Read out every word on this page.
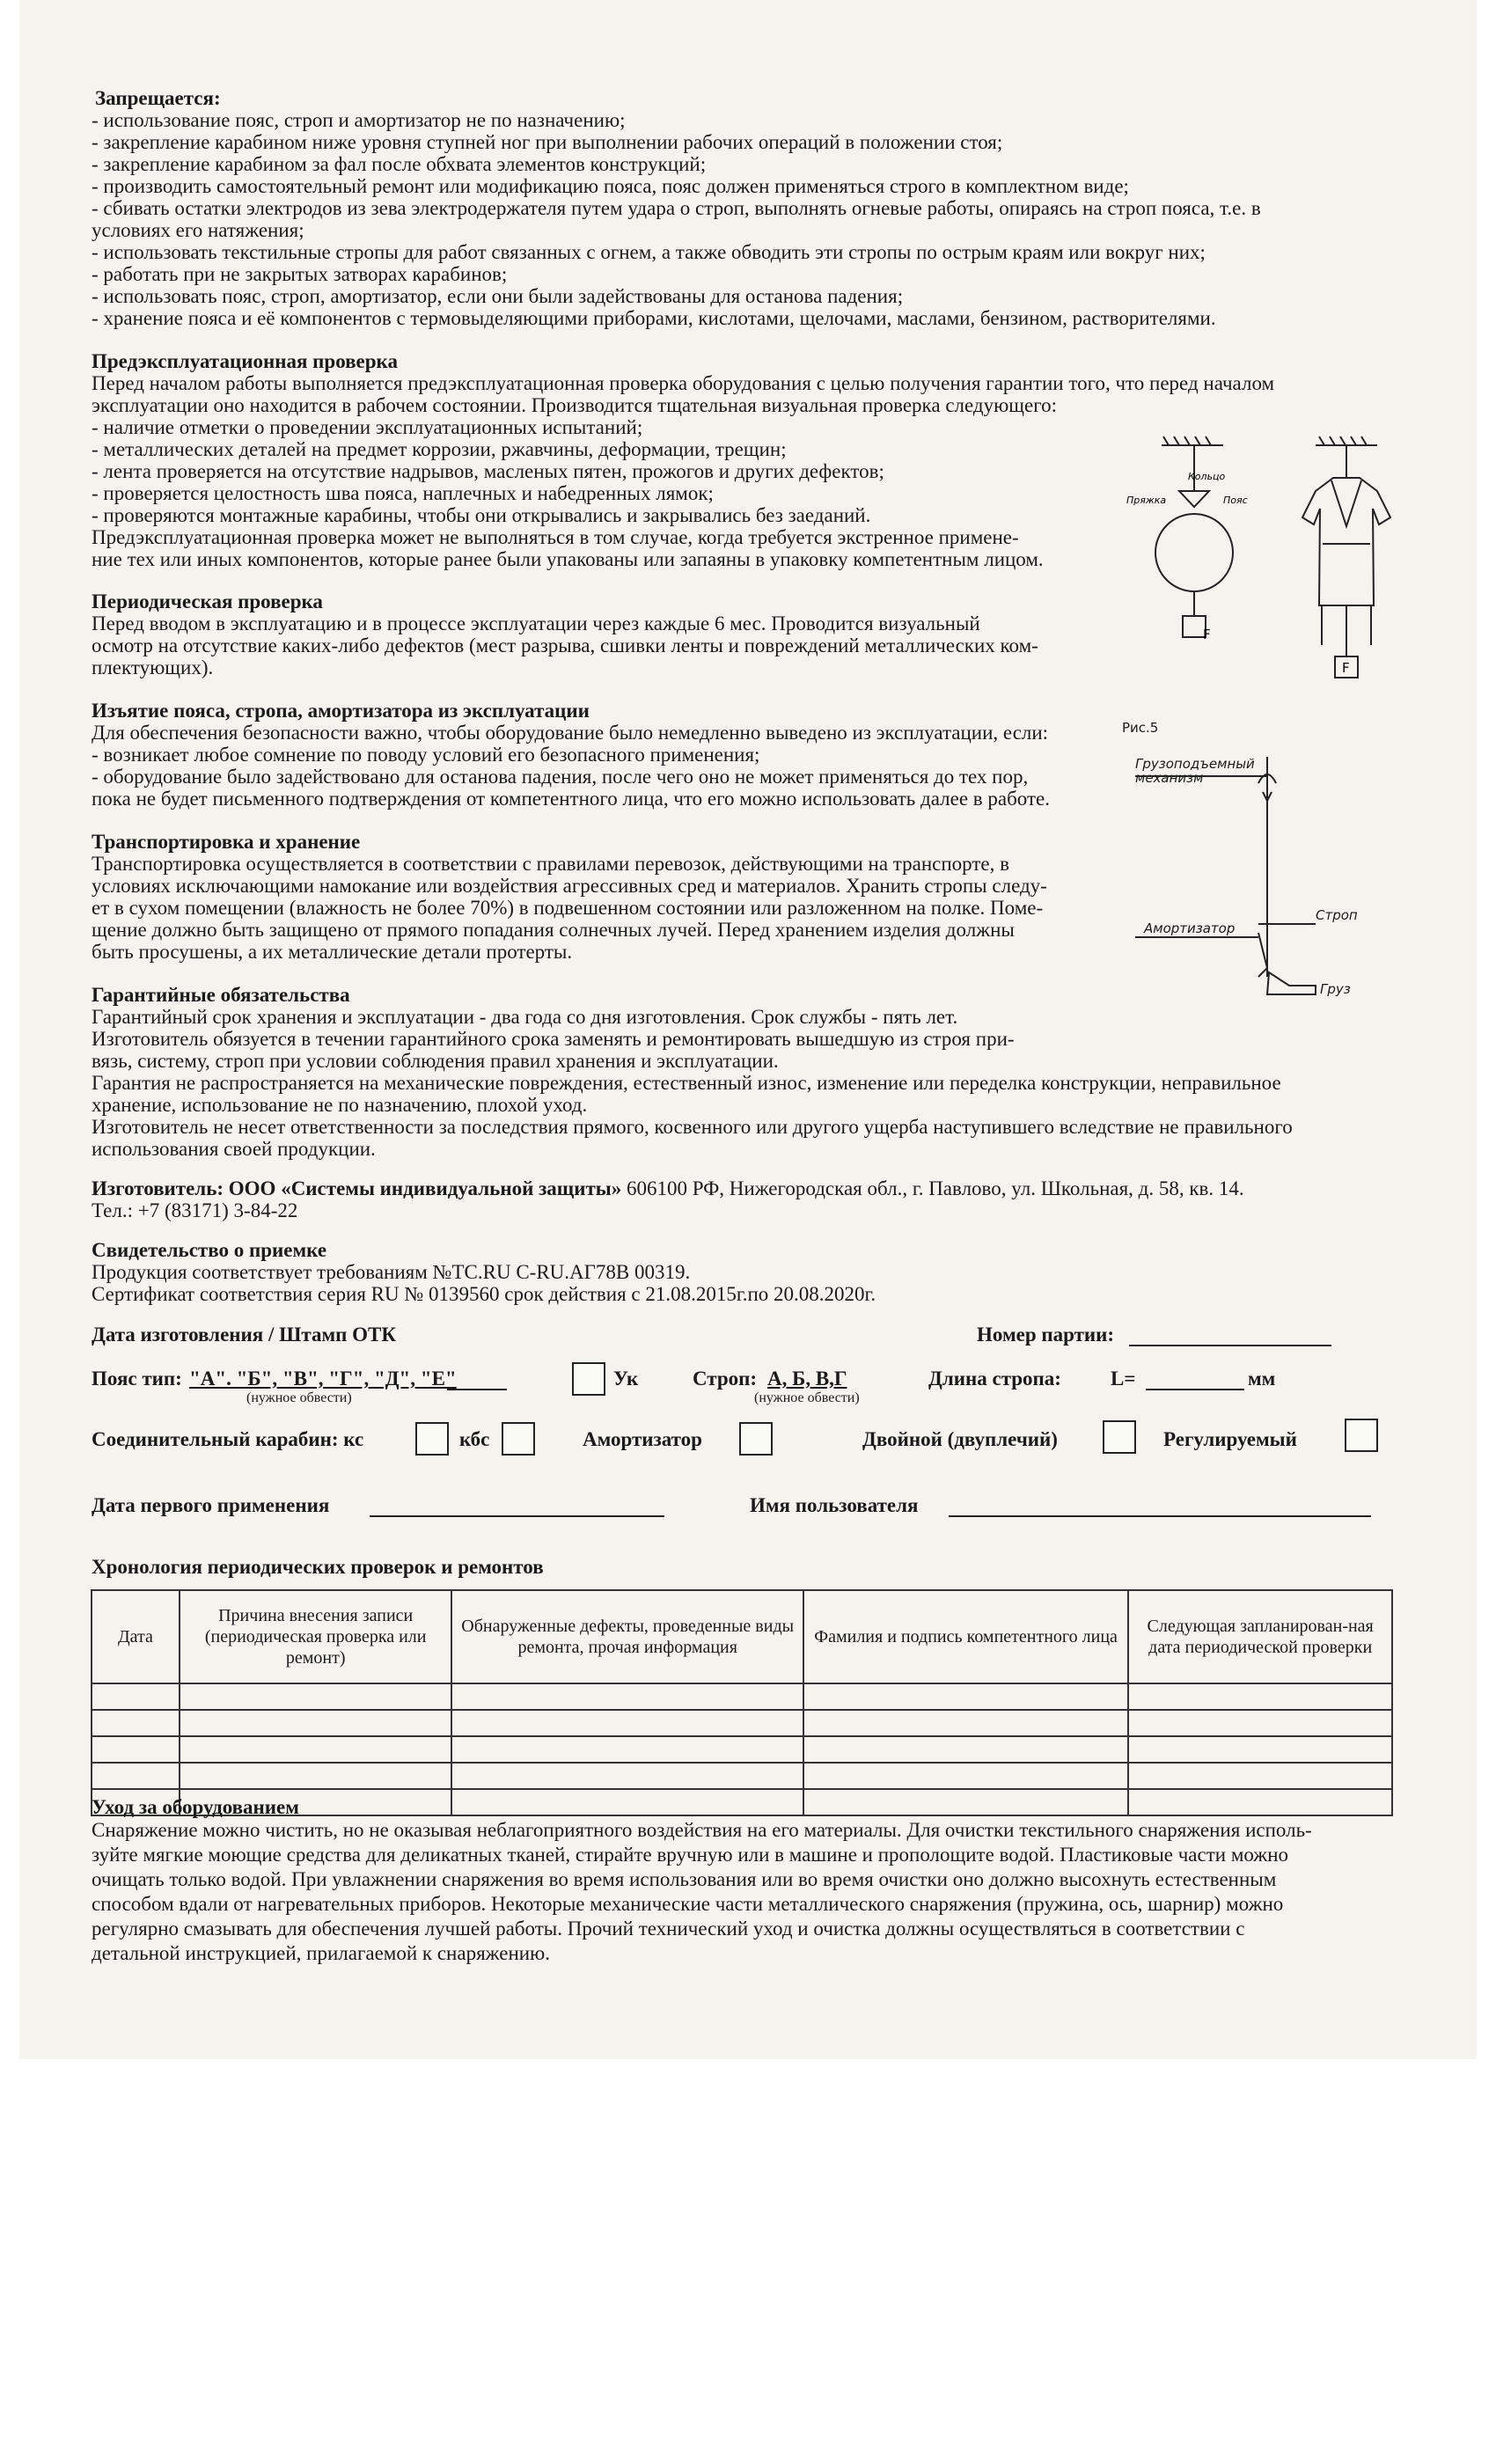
Запрещается:
- использование пояс, строп и амортизатор не по назначению;
- закрепление карабином ниже уровня ступней ног при выполнении рабочих операций в положении стоя;
- закрепление карабином за фал после обхвата элементов конструкций;
- производить самостоятельный ремонт или модификацию пояса, пояс должен применяться строго в комплектном виде;
- сбивать остатки электродов из зева электродержателя путем удара о строп, выполнять огневые работы, опираясь на строп пояса, т.е. в
условиях его натяжения;
- использовать текстильные стропы для работ связанных с огнем, а также обводить эти стропы по острым краям или вокруг них;
- работать при не закрытых затворах карабинов;
- использовать пояс, строп, амортизатор, если они были задействованы для останова падения;
- хранение пояса и её компонентов с термовыделяющими приборами, кислотами, щелочами, маслами, бензином, растворителями.
Предэксплуатационная проверка
Перед началом работы выполняется предэксплуатационная проверка оборудования с целью получения гарантии того, что перед началом
эксплуатации оно находится в рабочем состоянии. Производится тщательная визуальная проверка следующего:
- наличие отметки о проведении эксплуатационных испытаний;
- металлических деталей на предмет коррозии, ржавчины, деформации, трещин;
- лента проверяется на отсутствие надрывов, масленых пятен, прожогов и других дефектов;
- проверяется целостность шва пояса, наплечных и набедренных лямок;
- проверяются монтажные карабины, чтобы они открывались и закрывались без заеданий.
Предэксплуатационная проверка может не выполняться в том случае, когда требуется экстренное примене-
ние тех или иных компонентов, которые ранее были упакованы или запаяны в упаковку компетентным лицом.
Периодическая проверка
Перед вводом в эксплуатацию и в процессе эксплуатации через каждые 6 мес. Проводится визуальный
осмотр на отсутствие каких-либо дефектов (мест разрыва, сшивки ленты и повреждений металлических ком-
плектующих).
Изъятие пояса, стропа, амортизатора из эксплуатации
Для обеспечения безопасности важно, чтобы оборудование было немедленно выведено из эксплуатации, если:
- возникает любое сомнение по поводу условий его безопасного применения;
- оборудование было задействовано для останова падения, после чего оно не может применяться до тех пор,
пока не будет письменного подтверждения от компетентного лица, что его можно использовать далее в работе.
Транспортировка и хранение
Транспортировка осуществляется в соответствии с правилами перевозок, действующими на транспорте, в
условиях исключающими намокание или воздействия агрессивных сред и материалов. Хранить стропы следу-
ет в сухом помещении (влажность не более 70%) в подвешенном состоянии или разложенном на полке. Поме-
щение должно быть защищено от прямого попадания солнечных лучей. Перед хранением изделия должны
быть просушены, а их металлические детали протерты.
Гарантийные обязательства
Гарантийный срок хранения и эксплуатации - два года со дня изготовления. Срок службы - пять лет.
Изготовитель обязуется в течении гарантийного срока заменять и ремонтировать вышедшую из строя при-
вязь, систему, строп при условии соблюдения правил хранения и эксплуатации.
Гарантия не распространяется на механические повреждения, естественный износ, изменение или переделка конструкции, неправильное
хранение, использование не по назначению, плохой уход.
Изготовитель не несет ответственности за последствия прямого, косвенного или другого ущерба наступившего вследствие не правильного
использования своей продукции.
Изготовитель: ООО «Системы индивидуальной защиты» 606100 РФ, Нижегородская обл., г. Павлово, ул. Школьная, д. 58, кв. 14.
Тел.: +7 (83171) 3-84-22
Свидетельство о приемке
Продукция соответствует требованиям №TC.RU C-RU.АГ78В 00319.
Сертификат соответствия серия RU № 0139560 срок действия с 21.08.2015г.по 20.08.2020г.
Дата изготовления / Штамп ОТК	Номер партии:
Пояс тип: "А". "Б", "В", "Г", "Д", "Е"
(нужное обвести)
Ук	Строп: А, Б, В,Г
(нужное обвести)
Длина стропа: L=	мм
Соединительный карабин: кс	кбс	Амортизатор	Двойной (двуплечий)	Регулируемый
Дата первого применения	Имя пользователя
Хронология периодических проверок и ремонтов
Дата	Причина внесения записи (периодическая проверка или ремонт)	Обнаруженные дефекты, проведенные виды ремонта, прочая информация	Фамилия и подпись компетентного лица	Следующая запланирован-ная дата периодической проверки

Уход за оборудованием
Снаряжение можно чистить, но не оказывая неблагоприятного воздействия на его материалы. Для очистки текстильного снаряжения исполь-
зуйте мягкие моющие средства для деликатных тканей, стирайте вручную или в машине и прополощите водой. Пластиковые части можно
очищать только водой. При увлажнении снаряжения во время использования или во время очистки оно должно высохнуть естественным
способом вдали от нагревательных приборов. Некоторые механические части металлического снаряжения (пружина, ось, шарнир) можно
регулярно смазывать для обеспечения лучшей работы. Прочий технический уход и очистка должны осуществляться в соответствии с
детальной инструкцией, прилагаемой к снаряжению.
F
Кольцо
Пряжка	Пояс
F
Рис.5
Грузоподъемный механизм
Амортизатор
Строп
Груз
